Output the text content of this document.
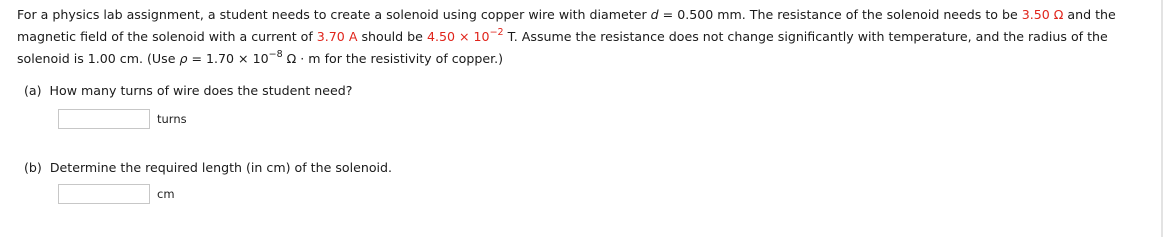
For a physics lab assignment, a student needs to create a solenoid using copper wire with diameter d = 0.500 mm. The resistance of the solenoid needs to be 3.50 Ω and the magnetic field of the solenoid with a current of 3.70 A should be $4.50 \times 10^{-2}$ T. Assume the resistance does not change significantly with temperature, and the radius of the solenoid is 1.00 cm. (Use $\rho = 1.70 \times 10^{-8}$ Ω · m for the resistivity of copper.)
(a) How many turns of wire does the student need?
turns
(b) Determine the required length (in cm) of the solenoid.
cm
